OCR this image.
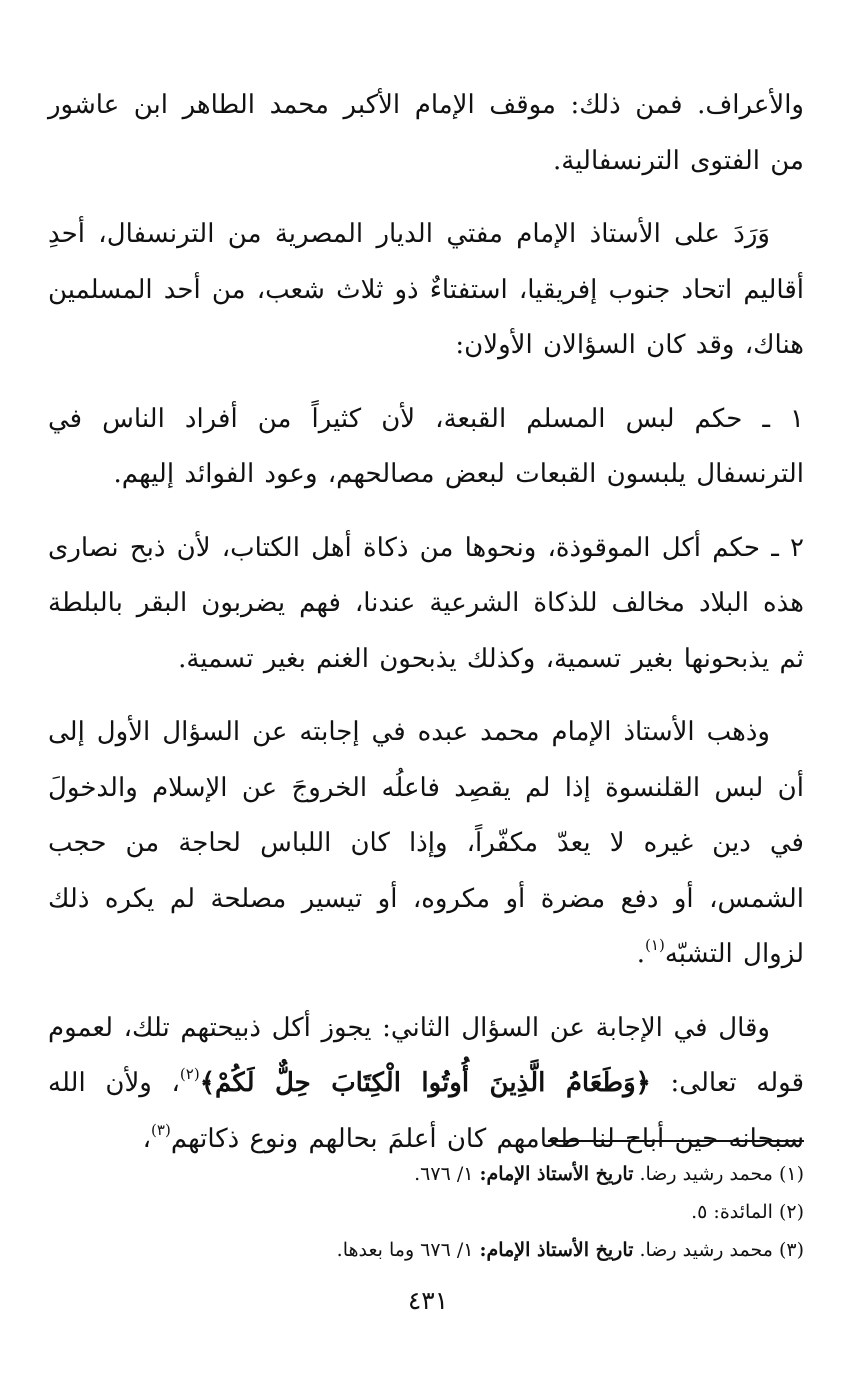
والأعراف. فمن ذلك: موقف الإمام الأكبر محمد الطاهر ابن عاشور من الفتوى الترنسفالية.

وَرَدَ على الأستاذ الإمام مفتي الديار المصرية من الترنسفال، أحدِ أقاليم اتحاد جنوب إفريقيا، استفتاءٌ ذو ثلاث شعب، من أحد المسلمين هناك، وقد كان السؤالان الأولان:

١ ـ حكم لبس المسلم القبعة، لأن كثيراً من أفراد الناس في الترنسفال يلبسون القبعات لبعض مصالحهم، وعود الفوائد إليهم.

٢ ـ حكم أكل الموقوذة، ونحوها من ذكاة أهل الكتاب، لأن ذبح نصارى هذه البلاد مخالف للذكاة الشرعية عندنا، فهم يضربون البقر بالبلطة ثم يذبحونها بغير تسمية، وكذلك يذبحون الغنم بغير تسمية.

وذهب الأستاذ الإمام محمد عبده في إجابته عن السؤال الأول إلى أن لبس القلنسوة إذا لم يقصِد فاعلُه الخروجَ عن الإسلام والدخولَ في دين غيره لا يعدّ مكفّراً، وإذا كان اللباس لحاجة من حجب الشمس، أو دفع مضرة أو مكروه، أو تيسير مصلحة لم يكره ذلك لزوال التشبّه$^{(١)}$.

وقال في الإجابة عن السؤال الثاني: يجوز أكل ذبيحتهم تلك، لعموم قوله تعالى: ﴿وَطَعَامُ الَّذِينَ أُوتُوا الْكِتَابَ حِلٌّ لَكُمْ﴾$^{(٢)}$، ولأن الله سبحانه حين أباح لنا طعامهم كان أعلمَ بحالهم ونوع ذكاتهم$^{(٣)}$،

(١) محمد رشيد رضا. تاريخ الأستاذ الإمام: ١/ ٦٧٦.

(٢) المائدة: ٥.

(٣) محمد رشيد رضا. تاريخ الأستاذ الإمام: ١/ ٦٧٦ وما بعدها.

٤٣١
